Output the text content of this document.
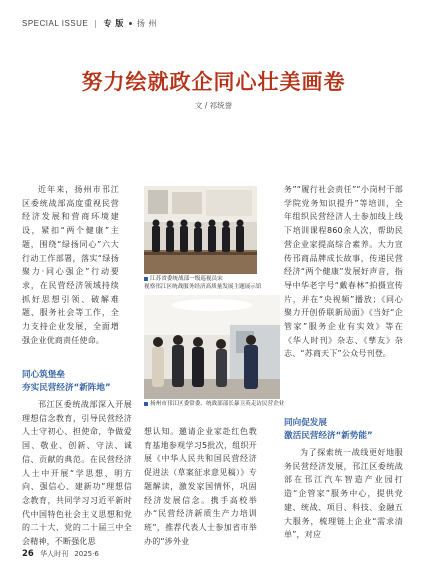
SPECIAL ISSUE | 专 版 扬 州
努力绘就政企同心壮美画卷
文 / 祁统誉

近年来，扬州市邗江区委统战部高度重视民营经济发展和营商环境建设，紧扣“两个健康”主题，围绕“绿扬同心”六大行动工作部署，落实“绿扬聚力·同心强企”行动要求，在民营经济领域持续抓好思想引领、破解难题、服务社会等工作，全力支持企业发展，全面增强企业优商责任使命。

同心筑堡垒
夯实民营经济“新阵地”

邗江区委统战部深入开展理想信念教育，引导民营经济人士守初心、担使命，争做爱国、敬业、创新、守法、诚信、贡献的典范。在民营经济人士中开展“学思想、明方向、强信心、建新功”理想信念教育，共同学习习近平新时代中国特色社会主义思想和党的二十大、党的二十届三中全会精神，不断强化思

想认知。邀请企业家赴红色教育基地参观学习5批次，组织开展《中华人民共和国民营经济促进法（草案征求意见稿）》专题解读，激发家国情怀，巩固经济发展信念。携手高校举办“民营经济新质生产力培训班”，推荐代表人士参加省市举办的“涉外业

江苏省委统战部一级巡视员宋
视察邗江区统战服务经济高质量发展主题展示馆
扬州市邗江区委常委、统战部部长暴卫英走访民营企业

务”“履行社会责任”“小岗村干部学院党务知识提升”等培训，全年组织民营经济人士参加线上线下培训课程860余人次，帮助民营企业家提高综合素养。大力宣传邗商品牌成长故事，传递民营经济“两个健康”发展好声音，指导中华老字号“戴春林”拍摄宣传片，并在“央视频”播放；《同心聚力开创侨联新局面》《当好“企管家”服务企业有实效》等在《华人时刊》杂志、《孳友》杂志、“苏商天下”公众号刊登。

同向促发展
激活民营经济“新势能”

为了探索统一战线更好地服务民营经济发展，邗江区委统战部在邗江汽车智造产业园打造“企管家”服务中心，提供党建、统战、项目、科技、金融五大服务，梳理链上企业“需求清单”，对应

26 华人时刊 2025·6
